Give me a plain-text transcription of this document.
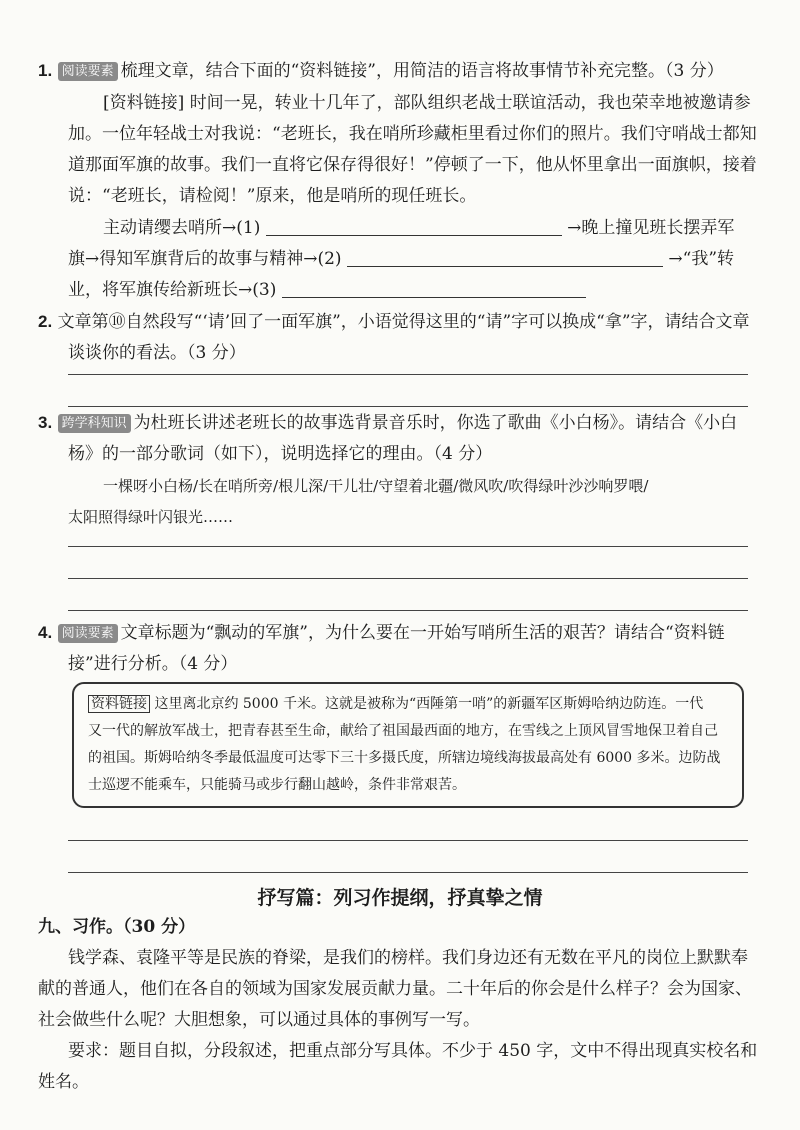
1. 阅读要素 梳理文章，结合下面的“资料链接”，用简洁的语言将故事情节补充完整。（3 分）
[资料链接] 时间一晃，转业十几年了，部队组织老战士联谊活动，我也荣幸地被邀请参
加。一位年轻战士对我说：“老班长，我在哨所珍藏柜里看过你们的照片。我们守哨战士都知
道那面军旗的故事。我们一直将它保存得很好！”停顿了一下，他从怀里拿出一面旗帜，接着
说：“老班长，请检阅！”原来，他是哨所的现任班长。
主动请缨去哨所→(1)	→晚上撞见班长摆弄军
旗→得知军旗背后的故事与精神→(2)	→“我”转
业，将军旗传给新班长→(3)
2. 文章第⑩自然段写“‘请’回了一面军旗”，小语觉得这里的“请”字可以换成“拿”字，请结合文章
谈谈你的看法。（3 分）
3. 跨学科知识 为杜班长讲述老班长的故事选背景音乐时，你选了歌曲《小白杨》。请结合《小白
杨》的一部分歌词（如下），说明选择它的理由。（4 分）
一棵呀小白杨/长在哨所旁/根儿深/干儿壮/守望着北疆/微风吹/吹得绿叶沙沙响罗喂/
太阳照得绿叶闪银光……
4. 阅读要素 文章标题为“飘动的军旗”，为什么要在一开始写哨所生活的艰苦？请结合“资料链
接”进行分析。（4 分）
资料链接 这里离北京约 5000 千米。这就是被称为“西陲第一哨”的新疆军区斯姆哈纳边防连。一代
又一代的解放军战士，把青春甚至生命，献给了祖国最西面的地方，在雪线之上顶风冒雪地保卫着自己
的祖国。斯姆哈纳冬季最低温度可达零下三十多摄氏度，所辖边境线海拔最高处有 6000 多米。边防战
士巡逻不能乘车，只能骑马或步行翻山越岭，条件非常艰苦。
抒写篇：列习作提纲，抒真挚之情
九、习作。（30 分）
钱学森、袁隆平等是民族的脊梁，是我们的榜样。我们身边还有无数在平凡的岗位上默默奉
献的普通人，他们在各自的领域为国家发展贡献力量。二十年后的你会是什么样子？会为国家、
社会做些什么呢？大胆想象，可以通过具体的事例写一写。
要求：题目自拟，分段叙述，把重点部分写具体。不少于 450 字，文中不得出现真实校名和
姓名。
